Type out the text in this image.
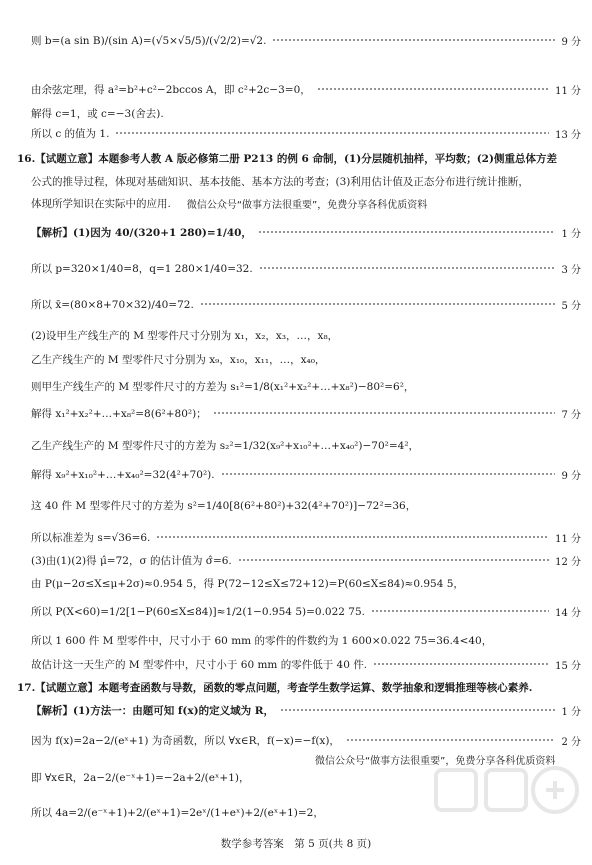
则 b=(a sin B)/(sin A)=(√5×√5/5)/(√2/2)=√2.	9 分
由余弦定理，得 a²=b²+c²−2bccos A，即 c²+2c−3=0，	11 分
解得 c=1，或 c=−3(舍去).
所以 c 的值为 1.	13 分
16.【试题立意】本题参考人教 A 版必修第二册 P213 的例 6 命制，(1)分层随机抽样，平均数；(2)侧重总体方差
公式的推导过程，体现对基础知识、基本技能、基本方法的考查；(3)利用估计值及正态分布进行统计推断，
体现所学知识在实际中的应用. 微信公众号“做事方法很重要”，免费分享各科优质资料
【解析】(1)因为 40/(320+1 280)=1/40，	1 分
所以 p=320×1/40=8，q=1 280×1/40=32.	3 分
所以 x̄=(80×8+70×32)/40=72.	5 分
(2)设甲生产线生产的 M 型零件尺寸分别为 x₁，x₂，x₃，…，x₈，
乙生产线生产的 M 型零件尺寸分别为 x₉，x₁₀，x₁₁，…，x₄₀，
则甲生产线生产的 M 型零件尺寸的方差为 s₁²=1/8(x₁²+x₂²+…+x₈²)−80²=6²，
解得 x₁²+x₂²+…+x₈²=8(6²+80²)；	7 分
乙生产线生产的 M 型零件尺寸的方差为 s₂²=1/32(x₉²+x₁₀²+…+x₄₀²)−70²=4²，
解得 x₉²+x₁₀²+…+x₄₀²=32(4²+70²).	9 分
这 40 件 M 型零件尺寸的方差为 s²=1/40[8(6²+80²)+32(4²+70²)]−72²=36，
所以标准差为 s=√36=6.	11 分
(3)由(1)(2)得 μ̂=72，σ 的估计值为 σ̂=6.	12 分
由 P(μ−2σ≤X≤μ+2σ)≈0.954 5，得 P(72−12≤X≤72+12)=P(60≤X≤84)≈0.954 5，
所以 P(X<60)=1/2[1−P(60≤X≤84)]≈1/2(1−0.954 5)=0.022 75.	14 分
所以 1 600 件 M 型零件中，尺寸小于 60 mm 的零件的件数约为 1 600×0.022 75=36.4<40，
故估计这一天生产的 M 型零件中，尺寸小于 60 mm 的零件低于 40 件.	15 分
17.【试题立意】本题考查函数与导数，函数的零点问题，考查学生数学运算、数学抽象和逻辑推理等核心素养.
【解析】(1)方法一：由题可知 f(x)的定义域为 R，	1 分
因为 f(x)=2a−2/(eˣ+1) 为奇函数，所以 ∀x∈R，f(−x)=−f(x)，	2 分
即 ∀x∈R，2a−2/(e⁻ˣ+1)=−2a+2/(eˣ+1)，
所以 4a=2/(e⁻ˣ+1)+2/(eˣ+1)=2eˣ/(1+eˣ)+2/(eˣ+1)=2，
微信公众号“做事方法很重要”，免费分享各科优质资料
数学参考答案　第 5 页(共 8 页)
